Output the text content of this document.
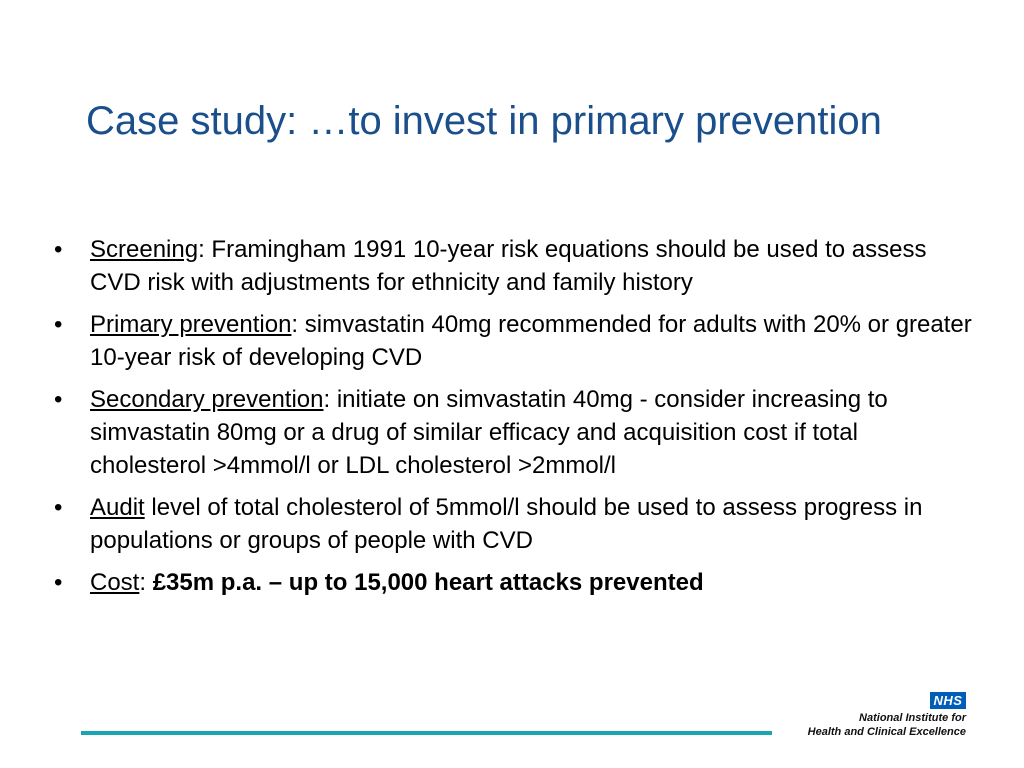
Case study: …to invest in primary prevention
• Screening: Framingham 1991 10-year risk equations should be used to assess CVD risk with adjustments for ethnicity and family history
• Primary prevention: simvastatin 40mg recommended for adults with 20% or greater 10-year risk of developing CVD
• Secondary prevention: initiate on simvastatin 40mg - consider increasing to simvastatin 80mg or a drug of similar efficacy and acquisition cost if total cholesterol >4mmol/l or LDL cholesterol >2mmol/l
• Audit level of total cholesterol of 5mmol/l should be used to assess progress in populations or groups of people with CVD
• Cost: £35m p.a. – up to 15,000 heart attacks prevented
NHS
National Institute for
Health and Clinical Excellence
